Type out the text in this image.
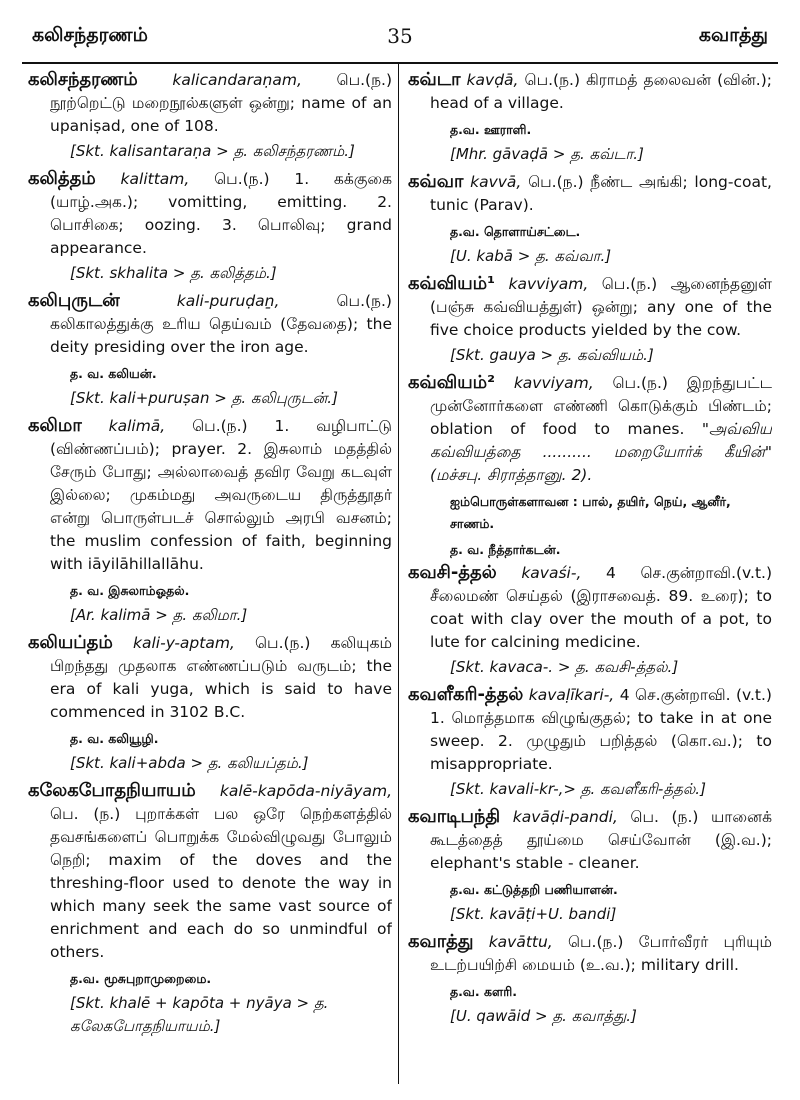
கலிசந்தரணம்	35	கவாத்து

கலிசந்தரணம் kalicandaraṇam, பெ.(ந.) நூற்றெட்டு மறைநூல்களுள் ஒன்று; name of an upaniṣad, one of 108.

[Skt. kalisantaraṇa > த. கலிசந்தரணம்.]

கலித்தம் kalittam, பெ.(ந.) 1. கக்குகை (யாழ்.அக.); vomitting, emitting. 2. பொசிகை; oozing. 3. பொலிவு; grand appearance.

[Skt. skhalita > த. கலித்தம்.]

கலிபுருடன்	kali-puruḍaṉ,	பெ.(ந.) கலிகாலத்துக்கு உரிய தெய்வம் (தேவதை); the deity presiding over the iron age.

த. வ. கலியன்.
[Skt. kali+puruṣan > த. கலிபுருடன்.]

கலிமா kalimā, பெ.(ந.) 1. வழிபாட்டு (விண்ணப்பம்); prayer. 2. இசுலாம் மதத்தில் சேரும் போது; அல்லாவைத் தவிர வேறு கடவுள் இல்லை; முகம்மது அவருடைய திருத்தூதர் என்று பொருள்படச் சொல்லும் அரபி வசனம்; the muslim confession of faith, beginning with iāyilāhillallāhu.

த. வ. இசுலாம்ஓதல்.
[Ar. kalimā > த. கலிமா.]

கலியப்தம் kali-y-aptam, பெ.(ந.) கலியுகம் பிறந்தது முதலாக எண்ணப்படும் வருடம்; the era of kali yuga, which is said to have commenced in 3102 B.C.

த. வ. கலியூழி.
[Skt. kali+abda > த. கலியப்தம்.]

கலேகபோதநியாயம் kalē-kapōda-niyāyam, பெ. (ந.) புறாக்கள் பல ஒரே நெற்களத்தில் தவசங்களைப் பொறுக்க மேல்விழுவது போலும் நெறி; maxim of the doves and the threshing-floor used to denote the way in which many seek the same vast source of enrichment and each do so unmindful of others.

த.வ. மூசுபுறாமுறைமை.
[Skt. khalē + kapōta + nyāya > த. கலேகபோதநியாயம்.]

கவ்டா kavḍā, பெ.(ந.) கிராமத் தலைவன் (வின்.); head of a village.

த.வ. ஊராளி.
[Mhr. gāvaḍā > த. கவ்டா.]

கவ்வா kavvā, பெ.(ந.) நீண்ட அங்கி; long-coat, tunic (Parav).

த.வ. தொளாய்சட்டை.
[U. kabā > த. கவ்வா.]

கவ்வியம்¹ kavviyam, பெ.(ந.) ஆனைந்தனுள் (பஞ்சு கவ்வியத்துள்) ஒன்று; any one of the five choice products yielded by the cow.

[Skt. gauya > த. கவ்வியம்.]

கவ்வியம்² kavviyam, பெ.(ந.) இறந்துபட்ட முன்னோர்களை எண்ணி கொடுக்கும் பிண்டம்; oblation of food to manes. "அவ்விய கவ்வியத்தை .......... மறையோர்க் கீயின்" (மச்சபு. சிராத்தானு. 2).

ஐம்பொருள்களாவன : பால், தயிர், நெய், ஆனீர், சாணம்.
த. வ. நீத்தார்கடன்.

கவசி-த்தல் kavaśi-, 4 செ.குன்றாவி.(v.t.) சீலைமண் செய்தல் (இராசவைத். 89. உரை); to coat with clay over the mouth of a pot, to lute for calcining medicine.

[Skt. kavaca-. > த. கவசி-த்தல்.]

கவளீகரி-த்தல் kavaḷīkari-, 4 செ.குன்றாவி. (v.t.) 1. மொத்தமாக விழுங்குதல்; to take in at one sweep. 2. முழுதும் பறித்தல் (கொ.வ.); to misappropriate.

[Skt. kavali-kr-,> த. கவளீகரி-த்தல்.]

கவாடிபந்தி kavāḍi-pandi, பெ. (ந.) யானைக் கூடத்தைத் தூய்மை செய்வோன் (இ.வ.); elephant's stable - cleaner.

த.வ. கட்டுத்தறி பணியாளன்.
[Skt. kavāṭi+U. bandi]

கவாத்து kavāttu, பெ.(ந.) போர்வீரர் புரியும் உடற்பயிற்சி மையம் (உ.வ.); military drill.

த.வ. களரி.
[U. qawāid > த. கவாத்து.]
